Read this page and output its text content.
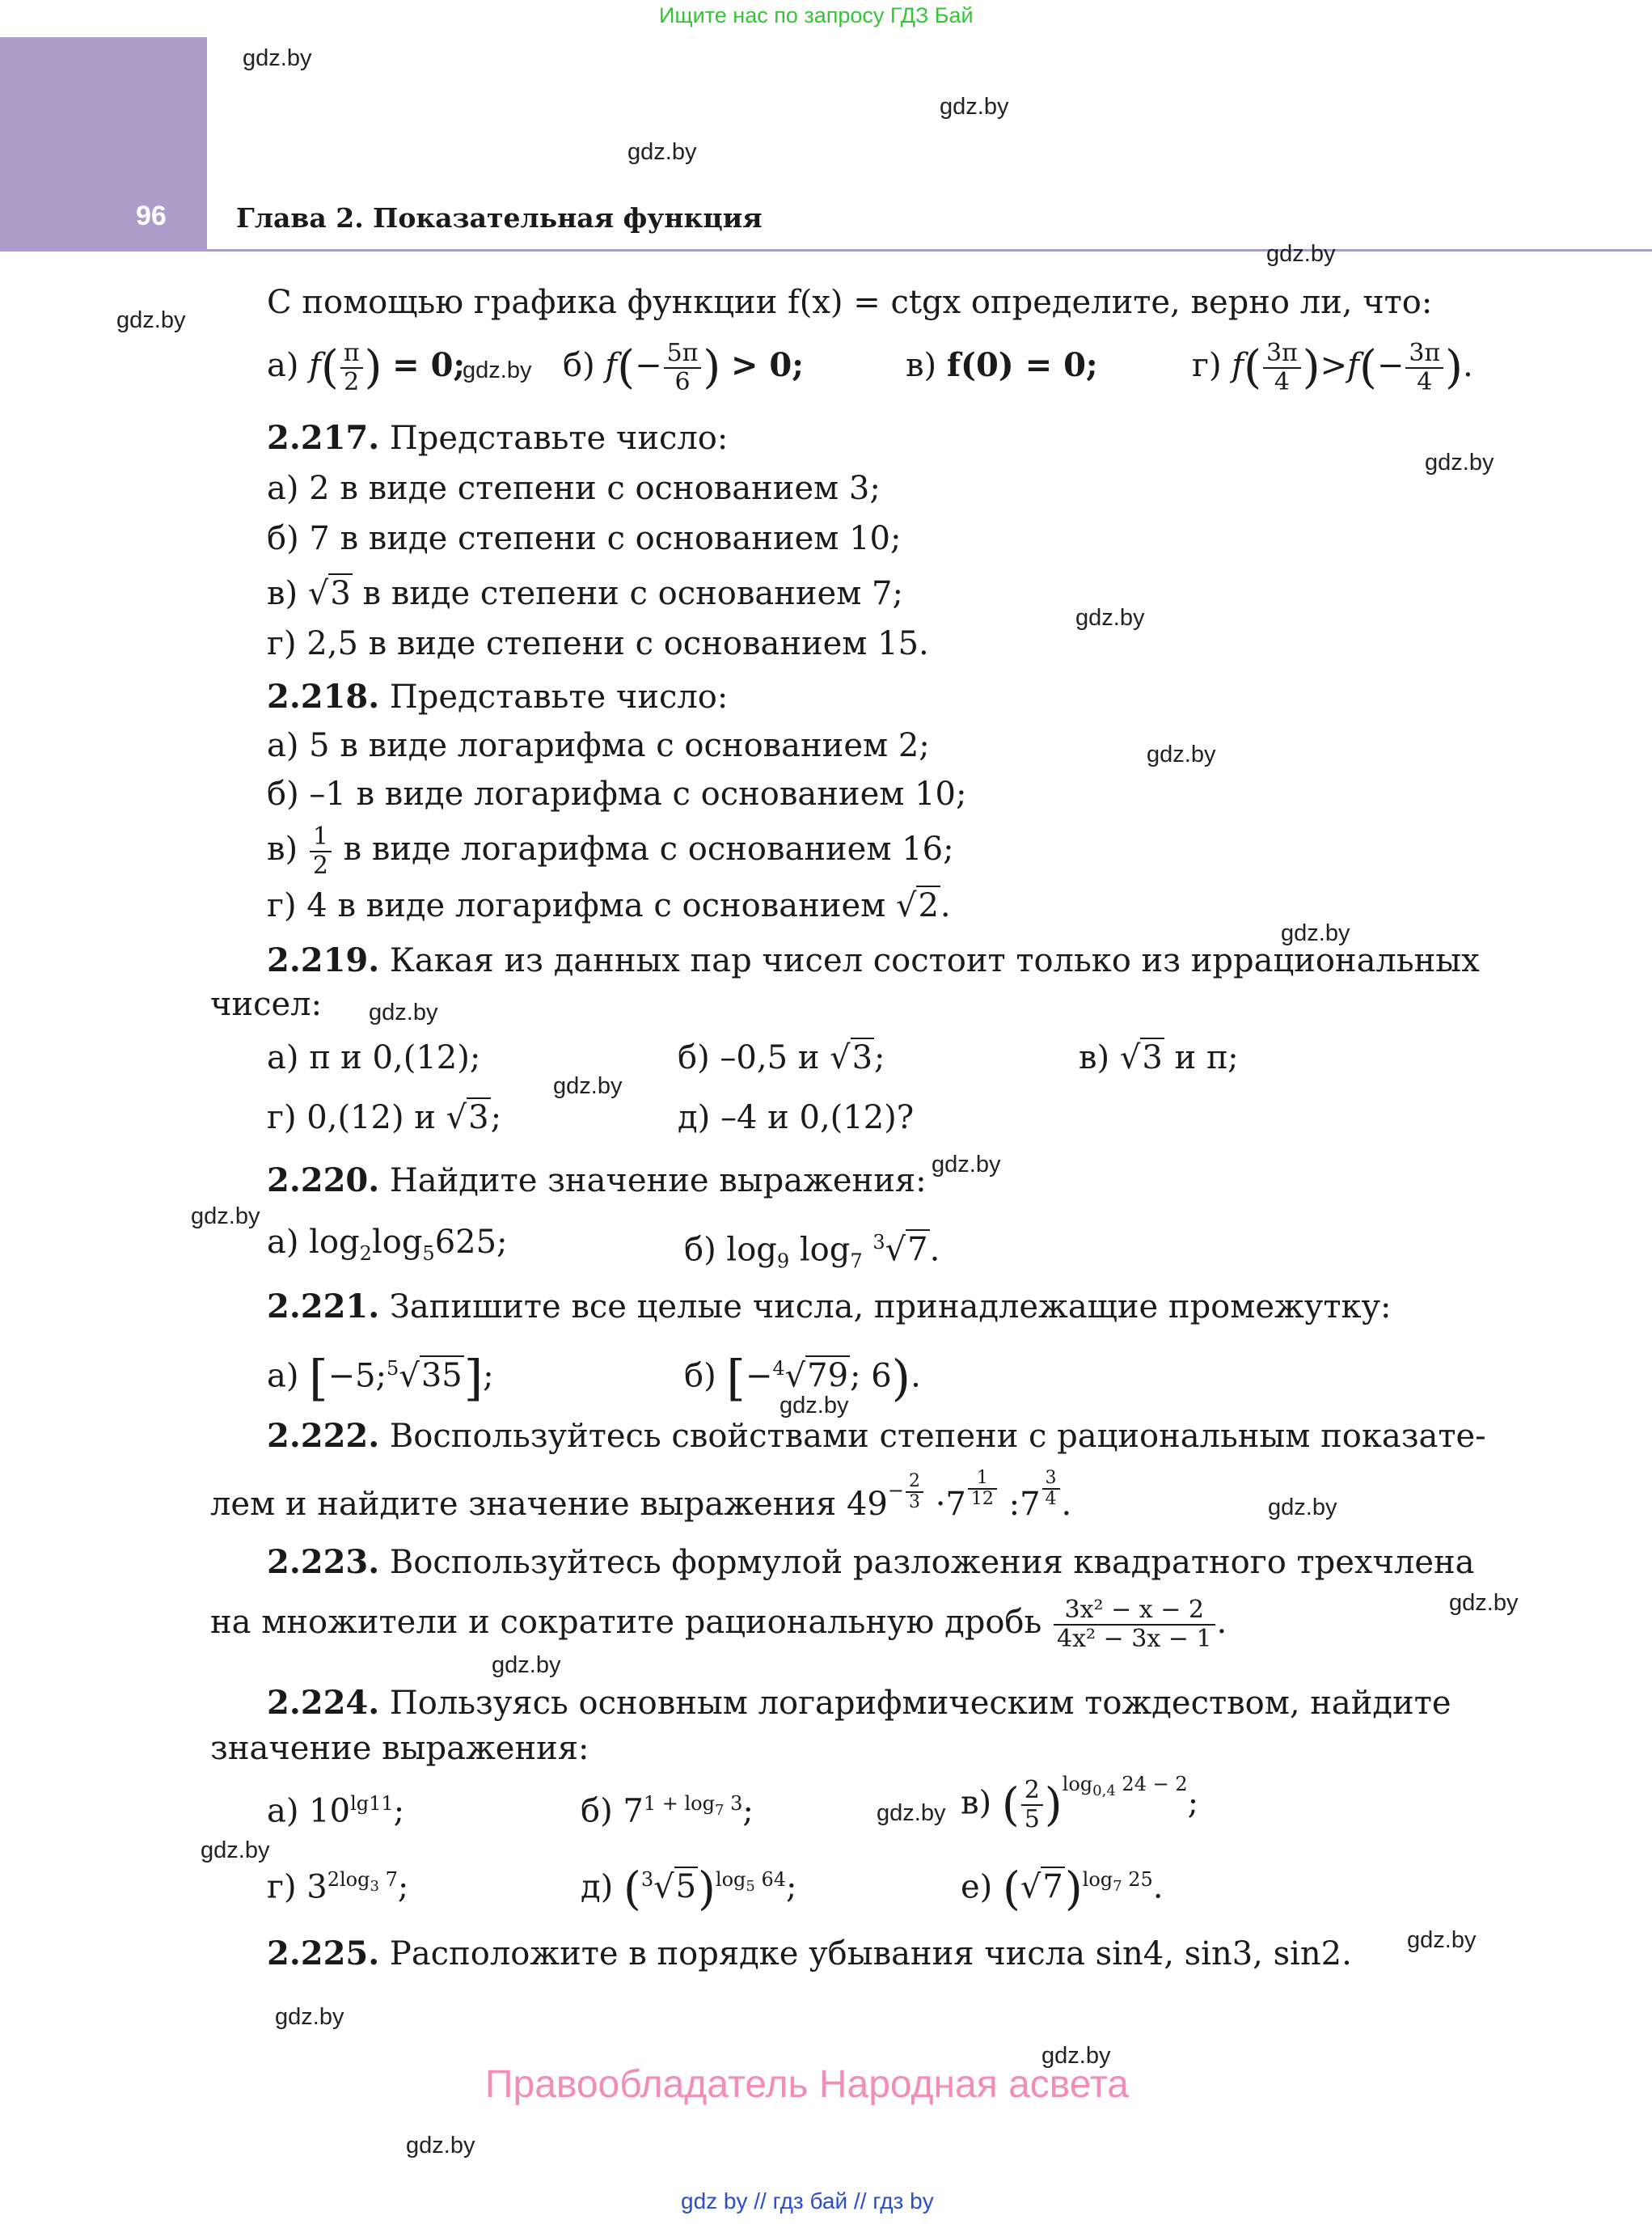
Ищите нас по запросу ГДЗ Бай
96	Глава 2. Показательная функция
gdz.by
gdz.by
gdz.by
gdz.by
gdz.by
gdz.by
gdz.by
gdz.by
gdz.by
gdz.by
gdz.by
gdz.by
gdz.by
gdz.by
gdz.by
gdz.by
gdz.by
gdz.by
gdz.by
gdz.by
gdz.by
gdz.by
gdz.by
gdz.by
С помощью графика функции f(x) = ctgx определите, верно ли, что:
а) $f( \frac{\pi}{2}$ ) = 0;	б) $f(- \frac{5\pi}{6}$ ) > 0;	в) f(0) = 0;	г) $f( \frac{3\pi}{4} )>f(- \frac{3\pi}{4}$ ).
2.217. Представьте число:
а) 2 в виде степени с основанием 3;
б) 7 в виде степени с основанием 10;
в) √3 в виде степени с основанием 7;
г) 2,5 в виде степени с основанием 15.
2.218. Представьте число:
а) 5 в виде логарифма с основанием 2;
б) –1 в виде логарифма с основанием 10;
$в) \frac{1}{2}$ в виде логарифма с основанием 16;
г) 4 в виде логарифма с основанием √2.
2.219. Какая из данных пар чисел состоит только из иррациональных
чисел:
а) π и 0,(12);	б) –0,5 и √3;	в) √3 и π;
г) 0,(12) и √3;	д) –4 и 0,(12)?
2.220. Найдите значение выражения:
а) $\log_2\log_5625$;	б) $\log_9 \log_7 ^3√7$.
2.221. Запишите все целые числа, принадлежащие промежутку:
а) [−5;$^5$√35];	б) [−$^4$√79; 6).
2.222. Воспользуйтесь свойствами степени с рациональным показате-
лем и найдите значение выражения $49^{- \frac{2}{3}} \cdot 7 \frac{1}{12}$ :7 $\frac{3}{4}$ .
2.223. Воспользуйтесь формулой разложения квадратного трехчлена
на множители и сократите рациональную дробь $\frac{\text{3x² − x − 2}}{\text{4x² − 3x − 1}}$ .
2.224. Пользуясь основным логарифмическим тождеством, найдите
значение выражения:
а) $10^{lg11}$;	б) $7^{1 + log_7 3}$;	в) ( $\frac{2}{5} )^{log_{0,4} 24 - 2}$;
г) $3^{2log_3 7}$;	д) $(^3√5)^{log_5 64}$;	е) $(√7)^{log_7 25}$.
2.225. Расположите в порядке убывания числа sin4, sin3, sin2.
Правообладатель Народная асвета
gdz by // гдз бай // гдз by
